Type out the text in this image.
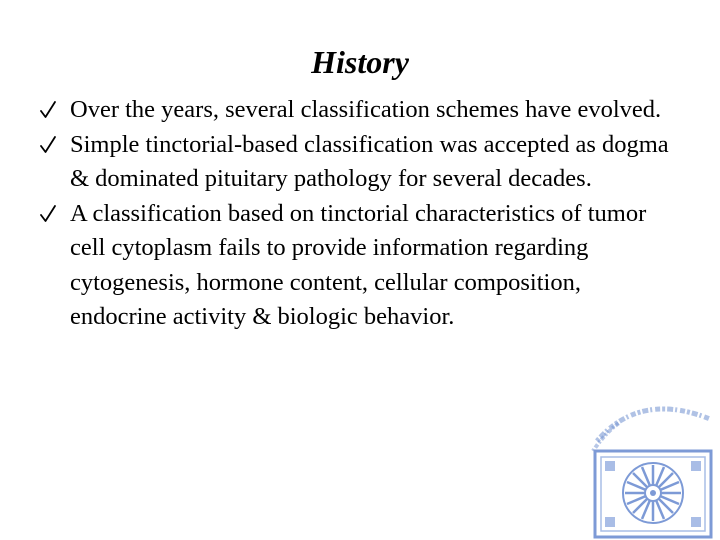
History
Over the years, several classification schemes have evolved.
Simple tinctorial-based classification was accepted as dogma & dominated pituitary pathology for several decades.
A classification based on tinctorial characteristics of tumor cell cytoplasm fails to provide information regarding cytogenesis, hormone content, cellular composition, endocrine activity & biologic behavior.
